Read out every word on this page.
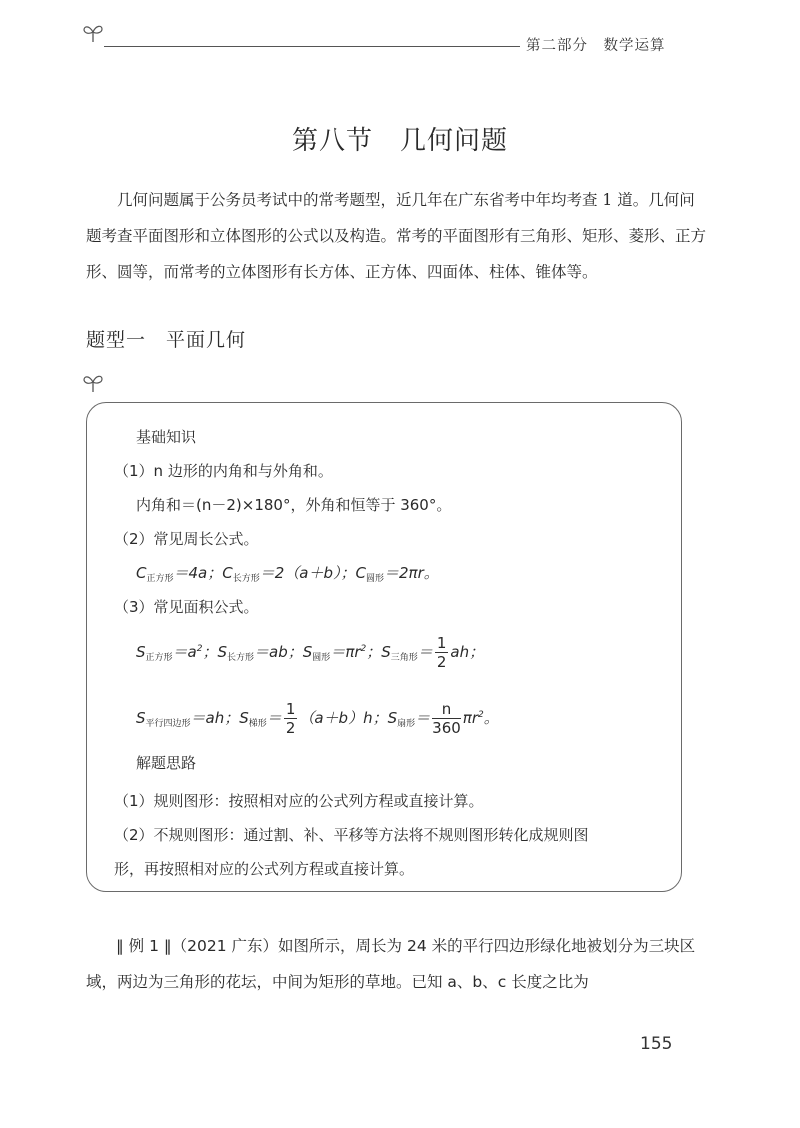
第二部分　数学运算
第八节　几何问题
几何问题属于公务员考试中的常考题型，近几年在广东省考中年均考查 1 道。几何问题考查平面图形和立体图形的公式以及构造。常考的平面图形有三角形、矩形、菱形、正方形、圆等，而常考的立体图形有长方体、正方体、四面体、柱体、锥体等。
题型一　平面几何
基础知识
（1）n 边形的内角和与外角和。
内角和＝(n－2)×180°，外角和恒等于 360°。
（2）常见周长公式。
$C_{正方形}=4a$；$C_{长方形}=2(a+b)$；$C_{圆形}=2\pi r$。
（3）常见面积公式。
$S_{正方形}=a^2$；$S_{长方形}=ab$；$S_{圆形}=\pi r^2$；$S_{三角形}= \frac{1}{2}$ ah；
$S_{平行四边形}=ah$；$S_{梯形}= \frac{1}{2} (a+b)h$；$S_{扇形}= \frac{n}{360} \pi r^2$。
解题思路
（1）规则图形：按照相对应的公式列方程或直接计算。
（2）不规则图形：通过割、补、平移等方法将不规则图形转化成规则图
形，再按照相对应的公式列方程或直接计算。
‖ 例 1 ‖（2021 广东）如图所示，周长为 24 米的平行四边形绿化地被划分为三块区域，两边为三角形的花坛，中间为矩形的草地。已知 a、b、c 长度之比为
155
